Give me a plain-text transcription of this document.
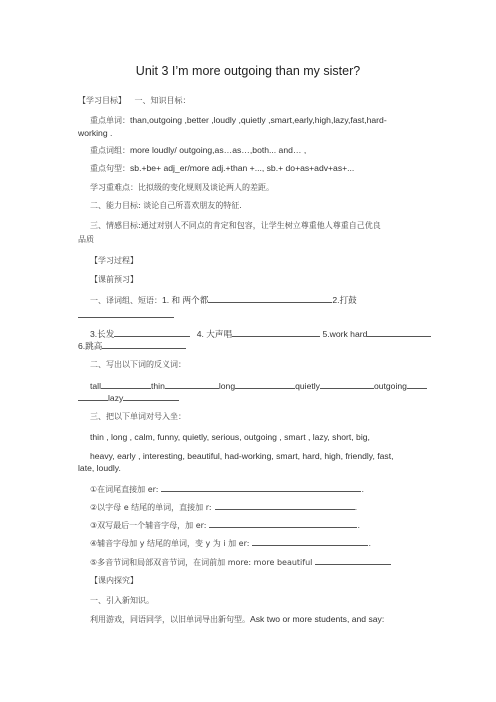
Unit 3 I’m more outgoing than my sister?
【学习目标】 一、知识目标：
重点单词：than,outgoing ,better ,loudly ,quietly ,smart,early,high,lazy,fast,hard-
working .
重点词组：more loudly/ outgoing,as…as…,both... and… ,
重点句型：sb.+be+ adj_er/more adj.+than +..., sb.+ do+as+adv+as+...
学习重难点：比拟级的变化规则及谈论两人的差距。
二、能力目标: 谈论自己所喜欢朋友的特征.
三、情感目标:通过对别人不同点的肯定和包容，让学生树立尊重他人尊重自己优良
品质
【学习过程】
【课前预习】
一、译词组、短语：1. 和 两个都	2.打鼓
3.长发	4. 大声唱	5.work hard
6.跳高
二、写出以下词的反义词：
tall	thin	long	quietly	outgoing
lazy
三、把以下单词对号入坐：
thin , long , calm, funny, quietly, serious, outgoing , smart , lazy, short, big,
heavy, early , interesting, beautiful, had-working, smart, hard, high, friendly, fast,
late, loudly.
①在词尾直接加 er:	.
②以字母 e 结尾的单词，直接加 r:	.
③双写最后一个辅音字母，加 er:	.
④辅音字母加 y 结尾的单词，变 y 为 i 加 er:	.
⑤多音节词和局部双音节词，在词前加 more: more beautiful
【课内探究】
一、引入新知识。
利用游戏，同语同学，以旧单词导出新句型。Ask two or more students, and say:
